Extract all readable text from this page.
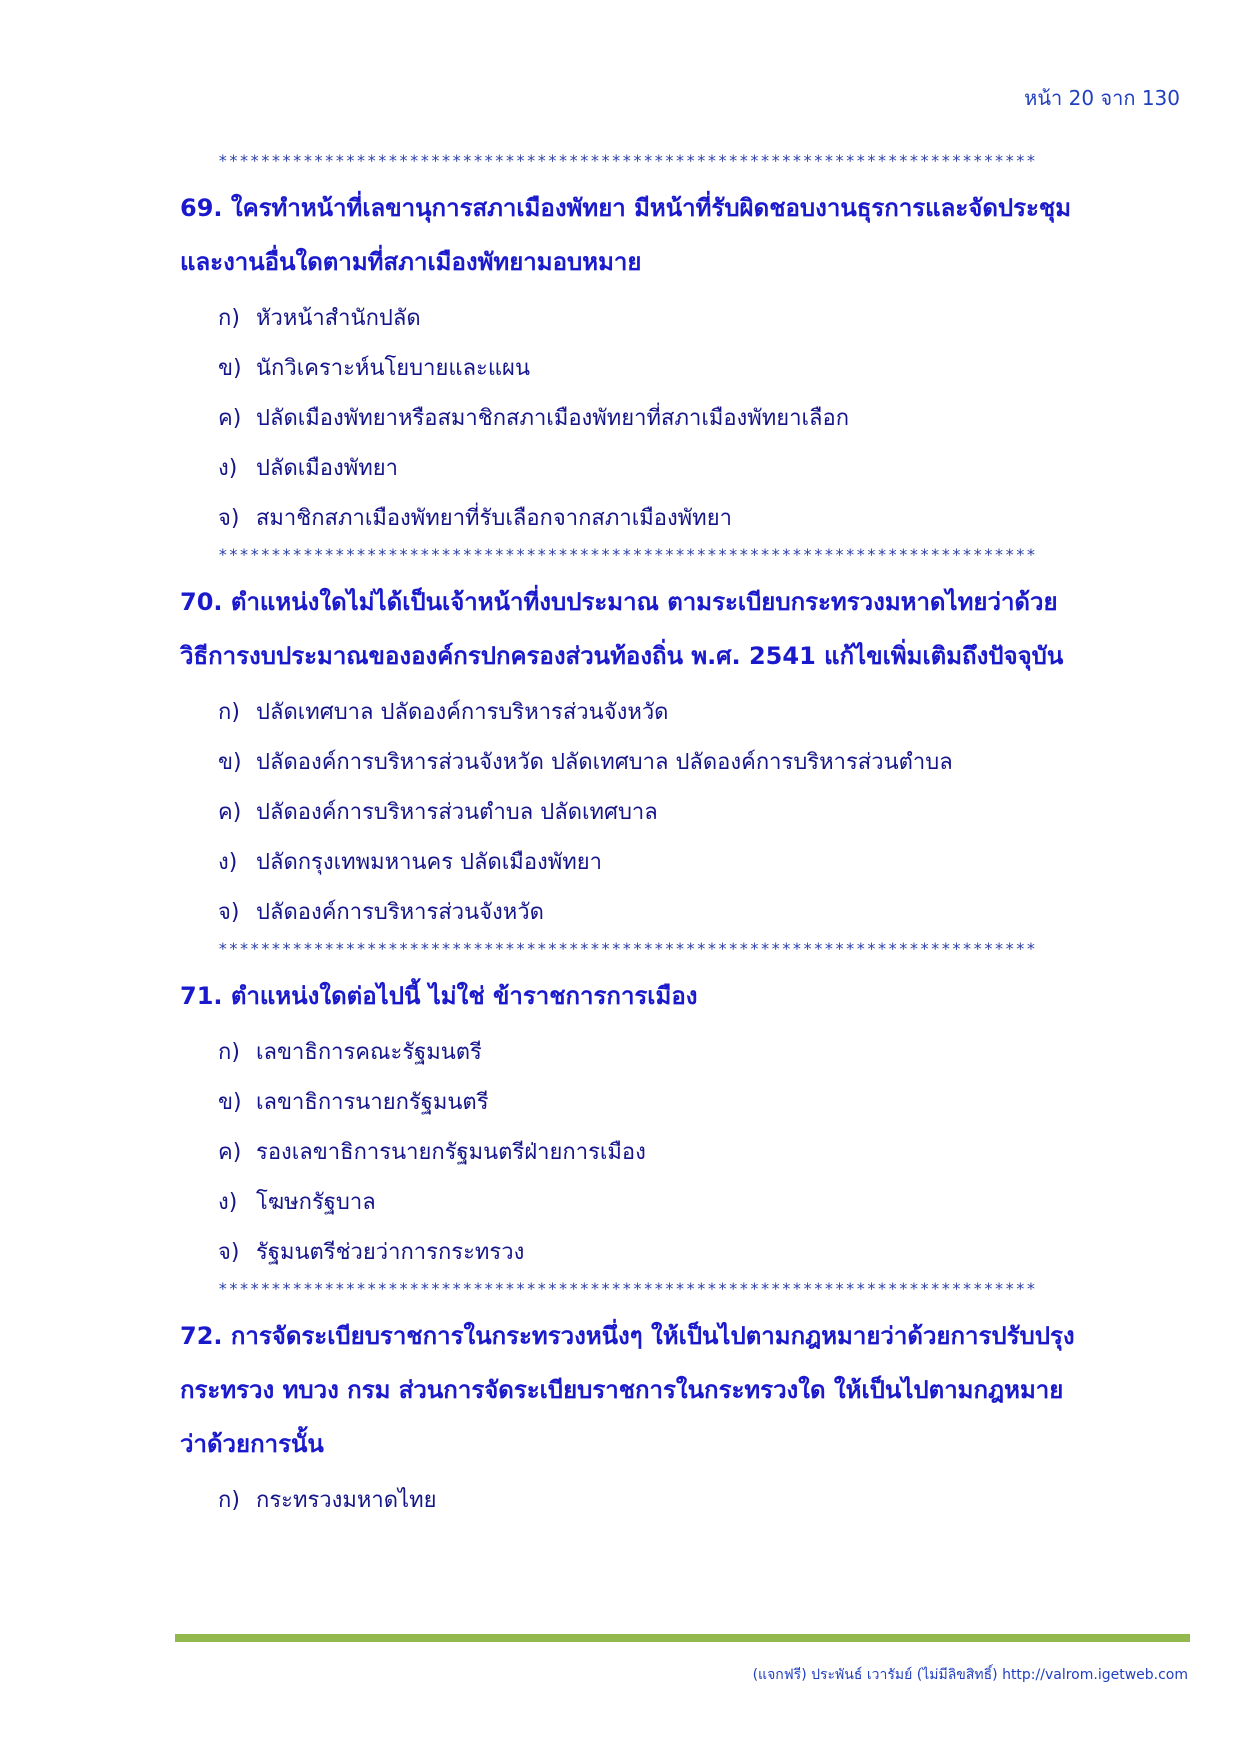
หน้า 20 จาก 130
*****************************************************************************
69. ใครทำหน้าที่เลขานุการสภาเมืองพัทยา มีหน้าที่รับผิดชอบงานธุรการและจัดประชุม
และงานอื่นใดตามที่สภาเมืองพัทยามอบหมาย
ก) หัวหน้าสำนักปลัด
ข) นักวิเคราะห์นโยบายและแผน
ค) ปลัดเมืองพัทยาหรือสมาชิกสภาเมืองพัทยาที่สภาเมืองพัทยาเลือก
ง) ปลัดเมืองพัทยา
จ) สมาชิกสภาเมืองพัทยาที่รับเลือกจากสภาเมืองพัทยา
*****************************************************************************
70. ตำแหน่งใดไม่ได้เป็นเจ้าหน้าที่งบประมาณ ตามระเบียบกระทรวงมหาดไทยว่าด้วย
วิธีการงบประมาณขององค์กรปกครองส่วนท้องถิ่น พ.ศ. 2541 แก้ไขเพิ่มเติมถึงปัจจุบัน
ก) ปลัดเทศบาล ปลัดองค์การบริหารส่วนจังหวัด
ข) ปลัดองค์การบริหารส่วนจังหวัด ปลัดเทศบาล ปลัดองค์การบริหารส่วนตำบล
ค) ปลัดองค์การบริหารส่วนตำบล ปลัดเทศบาล
ง) ปลัดกรุงเทพมหานคร ปลัดเมืองพัทยา
จ) ปลัดองค์การบริหารส่วนจังหวัด
*****************************************************************************
71. ตำแหน่งใดต่อไปนี้ ไม่ใช่ ข้าราชการการเมือง
ก) เลขาธิการคณะรัฐมนตรี
ข) เลขาธิการนายกรัฐมนตรี
ค) รองเลขาธิการนายกรัฐมนตรีฝ่ายการเมือง
ง) โฆษกรัฐบาล
จ) รัฐมนตรีช่วยว่าการกระทรวง
*****************************************************************************
72. การจัดระเบียบราชการในกระทรวงหนึ่งๆ ให้เป็นไปตามกฎหมายว่าด้วยการปรับปรุง
กระทรวง ทบวง กรม ส่วนการจัดระเบียบราชการในกระทรวงใด ให้เป็นไปตามกฎหมาย
ว่าด้วยการนั้น
ก) กระทรวงมหาดไทย
(แจกฟรี) ประพันธ์ เวารัมย์ (ไม่มีลิขสิทธิ์) http://valrom.igetweb.com
